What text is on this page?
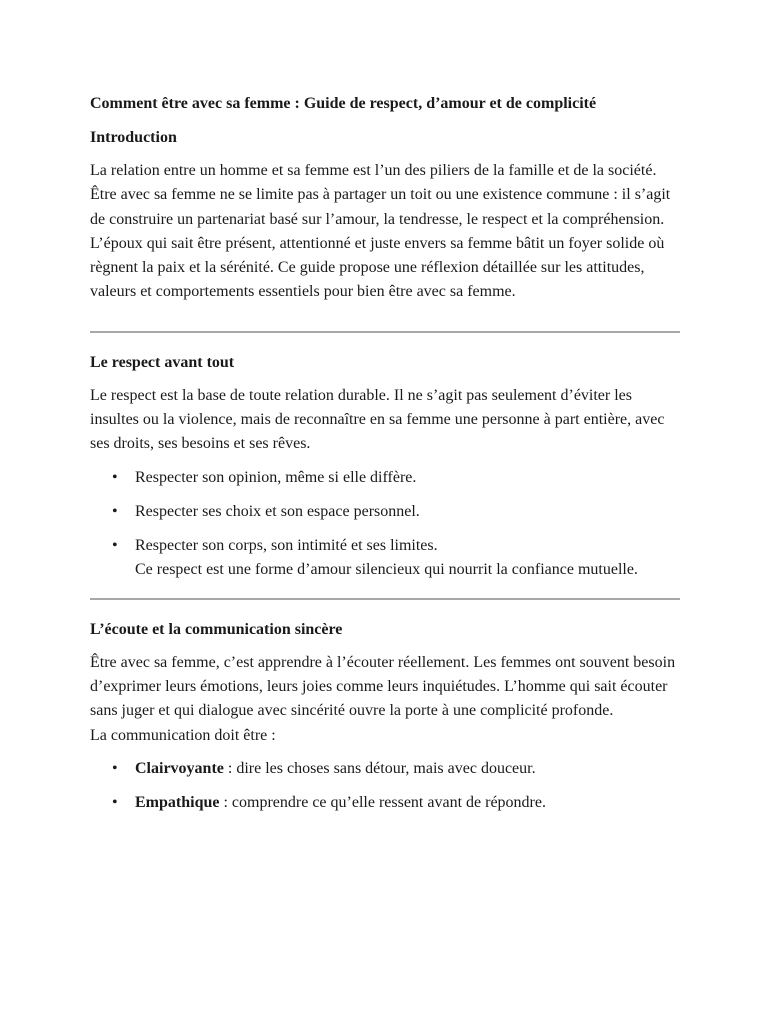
Comment être avec sa femme : Guide de respect, d’amour et de complicité
Introduction

La relation entre un homme et sa femme est l’un des piliers de la famille et de la société. Être avec sa femme ne se limite pas à partager un toit ou une existence commune : il s’agit de construire un partenariat basé sur l’amour, la tendresse, le respect et la compréhension. L’époux qui sait être présent, attentionné et juste envers sa femme bâtit un foyer solide où règnent la paix et la sérénité. Ce guide propose une réflexion détaillée sur les attitudes, valeurs et comportements essentiels pour bien être avec sa femme.

Le respect avant tout

Le respect est la base de toute relation durable. Il ne s’agit pas seulement d’éviter les insultes ou la violence, mais de reconnaître en sa femme une personne à part entière, avec ses droits, ses besoins et ses rêves.

• Respecter son opinion, même si elle diffère.
• Respecter ses choix et son espace personnel.
• Respecter son corps, son intimité et ses limites.
Ce respect est une forme d’amour silencieux qui nourrit la confiance mutuelle.
L’écoute et la communication sincère

Être avec sa femme, c’est apprendre à l’écouter réellement. Les femmes ont souvent besoin d’exprimer leurs émotions, leurs joies comme leurs inquiétudes. L’homme qui sait écouter sans juger et qui dialogue avec sincérité ouvre la porte à une complicité profonde.

La communication doit être :

• Clairvoyante : dire les choses sans détour, mais avec douceur.
• Empathique : comprendre ce qu’elle ressent avant de répondre.
